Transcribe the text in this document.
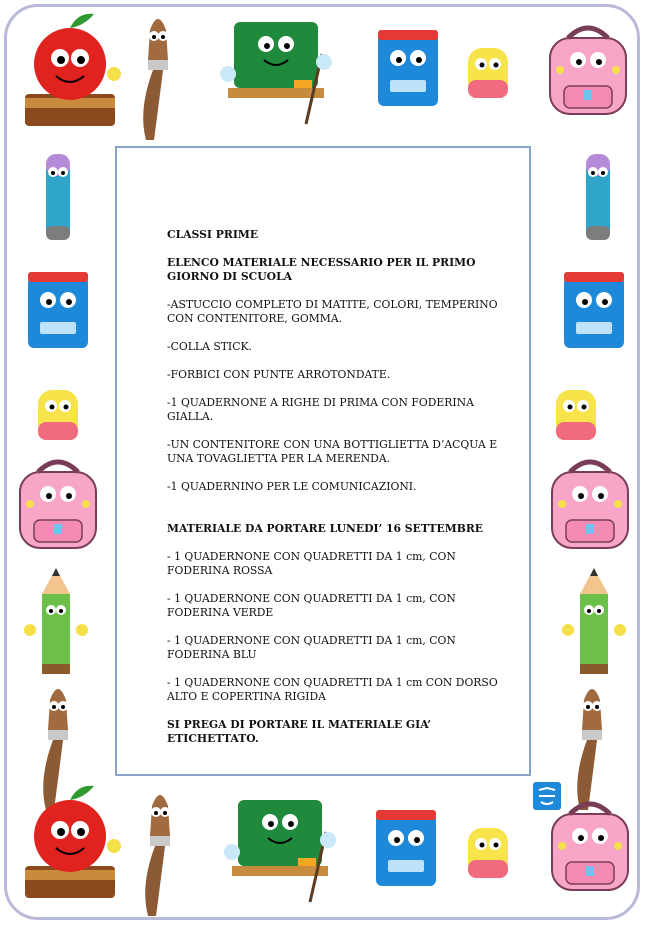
CLASSI PRIME

ELENCO MATERIALE NECESSARIO PER IL PRIMO GIORNO DI SCUOLA

-ASTUCCIO COMPLETO DI MATITE, COLORI, TEMPERINO CON CONTENITORE, GOMMA.

-COLLA STICK.

-FORBICI CON PUNTE ARROTONDATE.

-1 QUADERNONE A RIGHE DI PRIMA CON FODERINA GIALLA.

-UN CONTENITORE CON UNA BOTTIGLIETTA D’ACQUA E UNA TOVAGLIETTA PER LA MERENDA.

-1 QUADERNINO PER LE COMUNICAZIONI.

MATERIALE DA PORTARE LUNEDI’ 16 SETTEMBRE

- 1 QUADERNONE CON QUADRETTI DA 1 cm, CON FODERINA ROSSA

- 1 QUADERNONE CON QUADRETTI DA 1 cm, CON FODERINA VERDE

- 1 QUADERNONE CON QUADRETTI DA 1 cm, CON FODERINA BLU

- 1 QUADERNONE CON QUADRETTI DA 1 cm CON DORSO ALTO E COPERTINA RIGIDA

SI PREGA DI PORTARE IL MATERIALE GIA’ ETICHETTATO.
